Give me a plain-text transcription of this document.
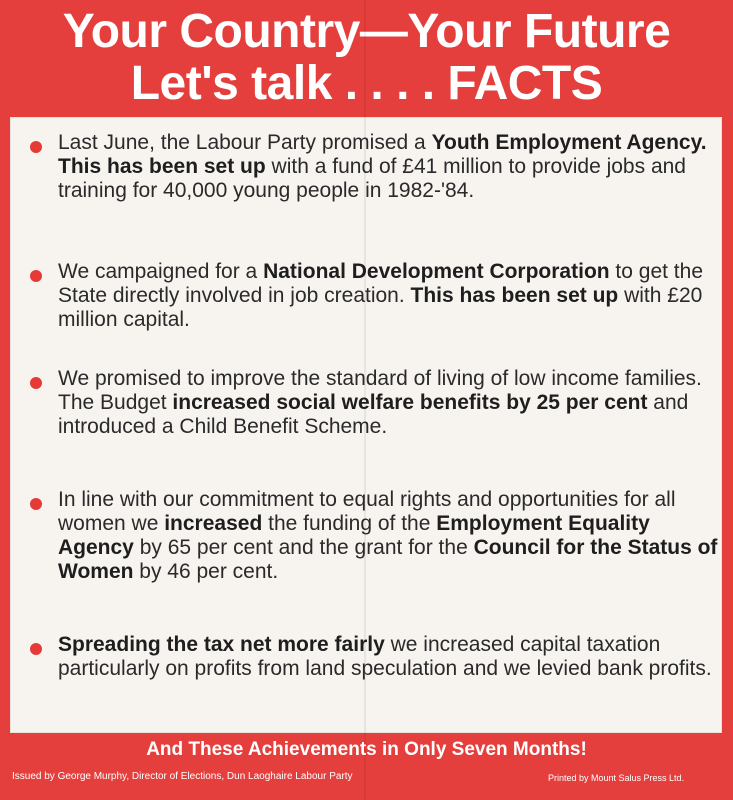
Your Country—Your Future
Let's talk . . . . FACTS
Last June, the Labour Party promised a Youth Employment Agency. This has been set up with a fund of £41 million to provide jobs and training for 40,000 young people in 1982-'84.
We campaigned for a National Development Corporation to get the State directly involved in job creation. This has been set up with £20 million capital.
We promised to improve the standard of living of low income families. The Budget increased social welfare benefits by 25 per cent and introduced a Child Benefit Scheme.
In line with our commitment to equal rights and opportunities for all women we increased the funding of the Employment Equality Agency by 65 per cent and the grant for the Council for the Status of Women by 46 per cent.
Spreading the tax net more fairly we increased capital taxation particularly on profits from land speculation and we levied bank profits.
And These Achievements in Only Seven Months!
Issued by George Murphy, Director of Elections, Dun Laoghaire Labour Party	Printed by Mount Salus Press Ltd.
